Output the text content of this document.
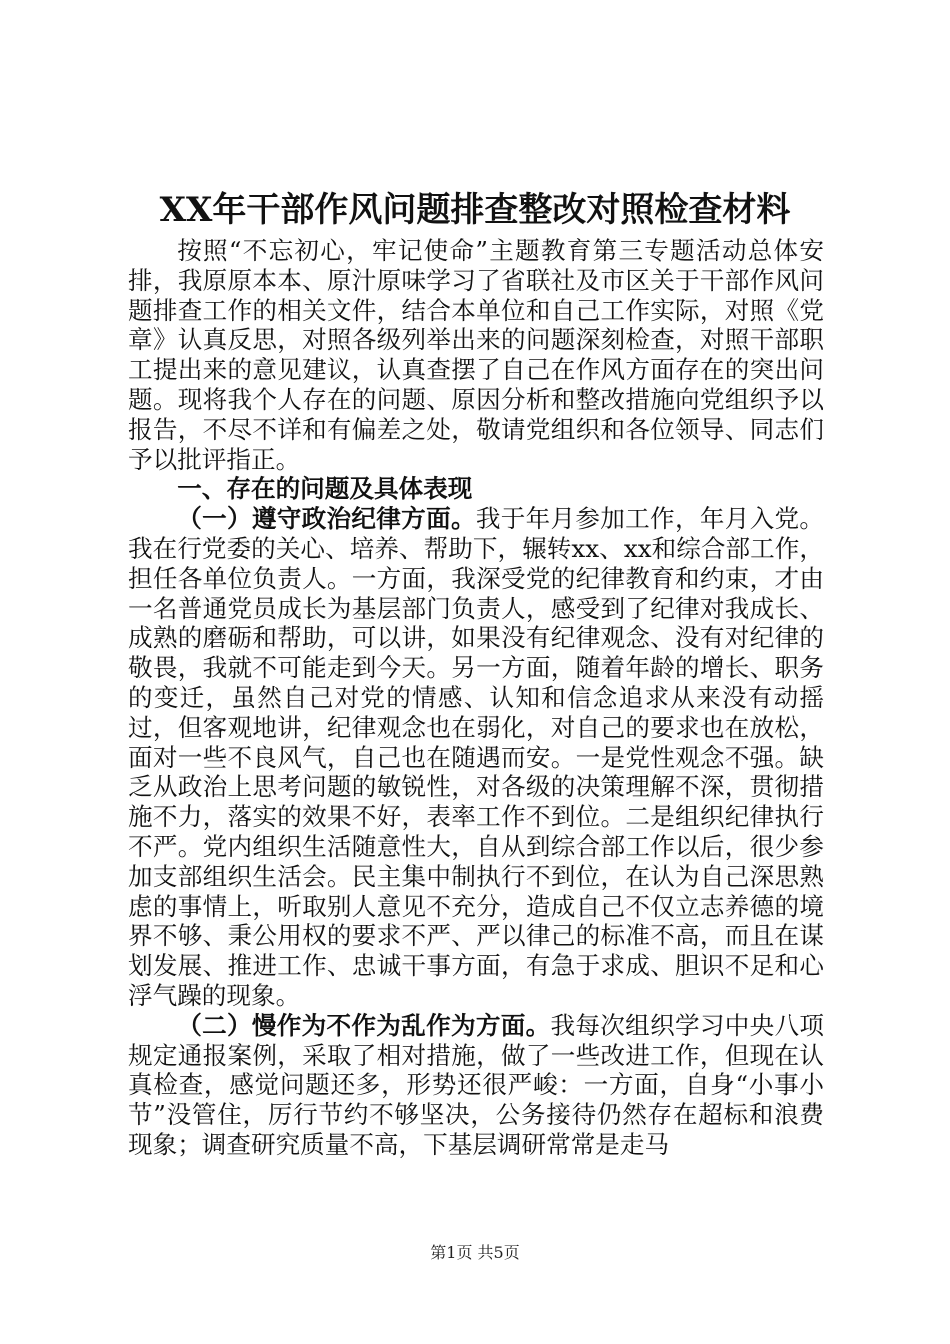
XX年干部作风问题排查整改对照检查材料

按照“不忘初心，牢记使命”主题教育第三专题活动总体安排，我原原本本、原汁原味学习了省联社及市区关于干部作风问题排查工作的相关文件，结合本单位和自己工作实际，对照《党章》认真反思，对照各级列举出来的问题深刻检查，对照干部职工提出来的意见建议，认真查摆了自己在作风方面存在的突出问题。现将我个人存在的问题、原因分析和整改措施向党组织予以报告，不尽不详和有偏差之处，敬请党组织和各位领导、同志们予以批评指正。

一、存在的问题及具体表现

（一）遵守政治纪律方面。我于年月参加工作，年月入党。我在行党委的关心、培养、帮助下，辗转xx、xx和综合部工作，担任各单位负责人。一方面，我深受党的纪律教育和约束，才由一名普通党员成长为基层部门负责人，感受到了纪律对我成长、成熟的磨砺和帮助，可以讲，如果没有纪律观念、没有对纪律的敬畏，我就不可能走到今天。另一方面，随着年龄的增长、职务的变迁，虽然自己对党的情感、认知和信念追求从来没有动摇过，但客观地讲，纪律观念也在弱化，对自己的要求也在放松，面对一些不良风气，自己也在随遇而安。一是党性观念不强。缺乏从政治上思考问题的敏锐性，对各级的决策理解不深，贯彻措施不力，落实的效果不好，表率工作不到位。二是组织纪律执行不严。党内组织生活随意性大，自从到综合部工作以后，很少参加支部组织生活会。民主集中制执行不到位，在认为自己深思熟虑的事情上，听取别人意见不充分，造成自己不仅立志养德的境界不够、秉公用权的要求不严、严以律己的标准不高，而且在谋划发展、推进工作、忠诚干事方面，有急于求成、胆识不足和心浮气躁的现象。

（二）慢作为不作为乱作为方面。我每次组织学习中央八项规定通报案例，采取了相对措施，做了一些改进工作，但现在认真检查，感觉问题还多，形势还很严峻：一方面，自身“小事小节”没管住，厉行节约不够坚决，公务接待仍然存在超标和浪费现象；调查研究质量不高，下基层调研常常是走马

第1页 共5页
